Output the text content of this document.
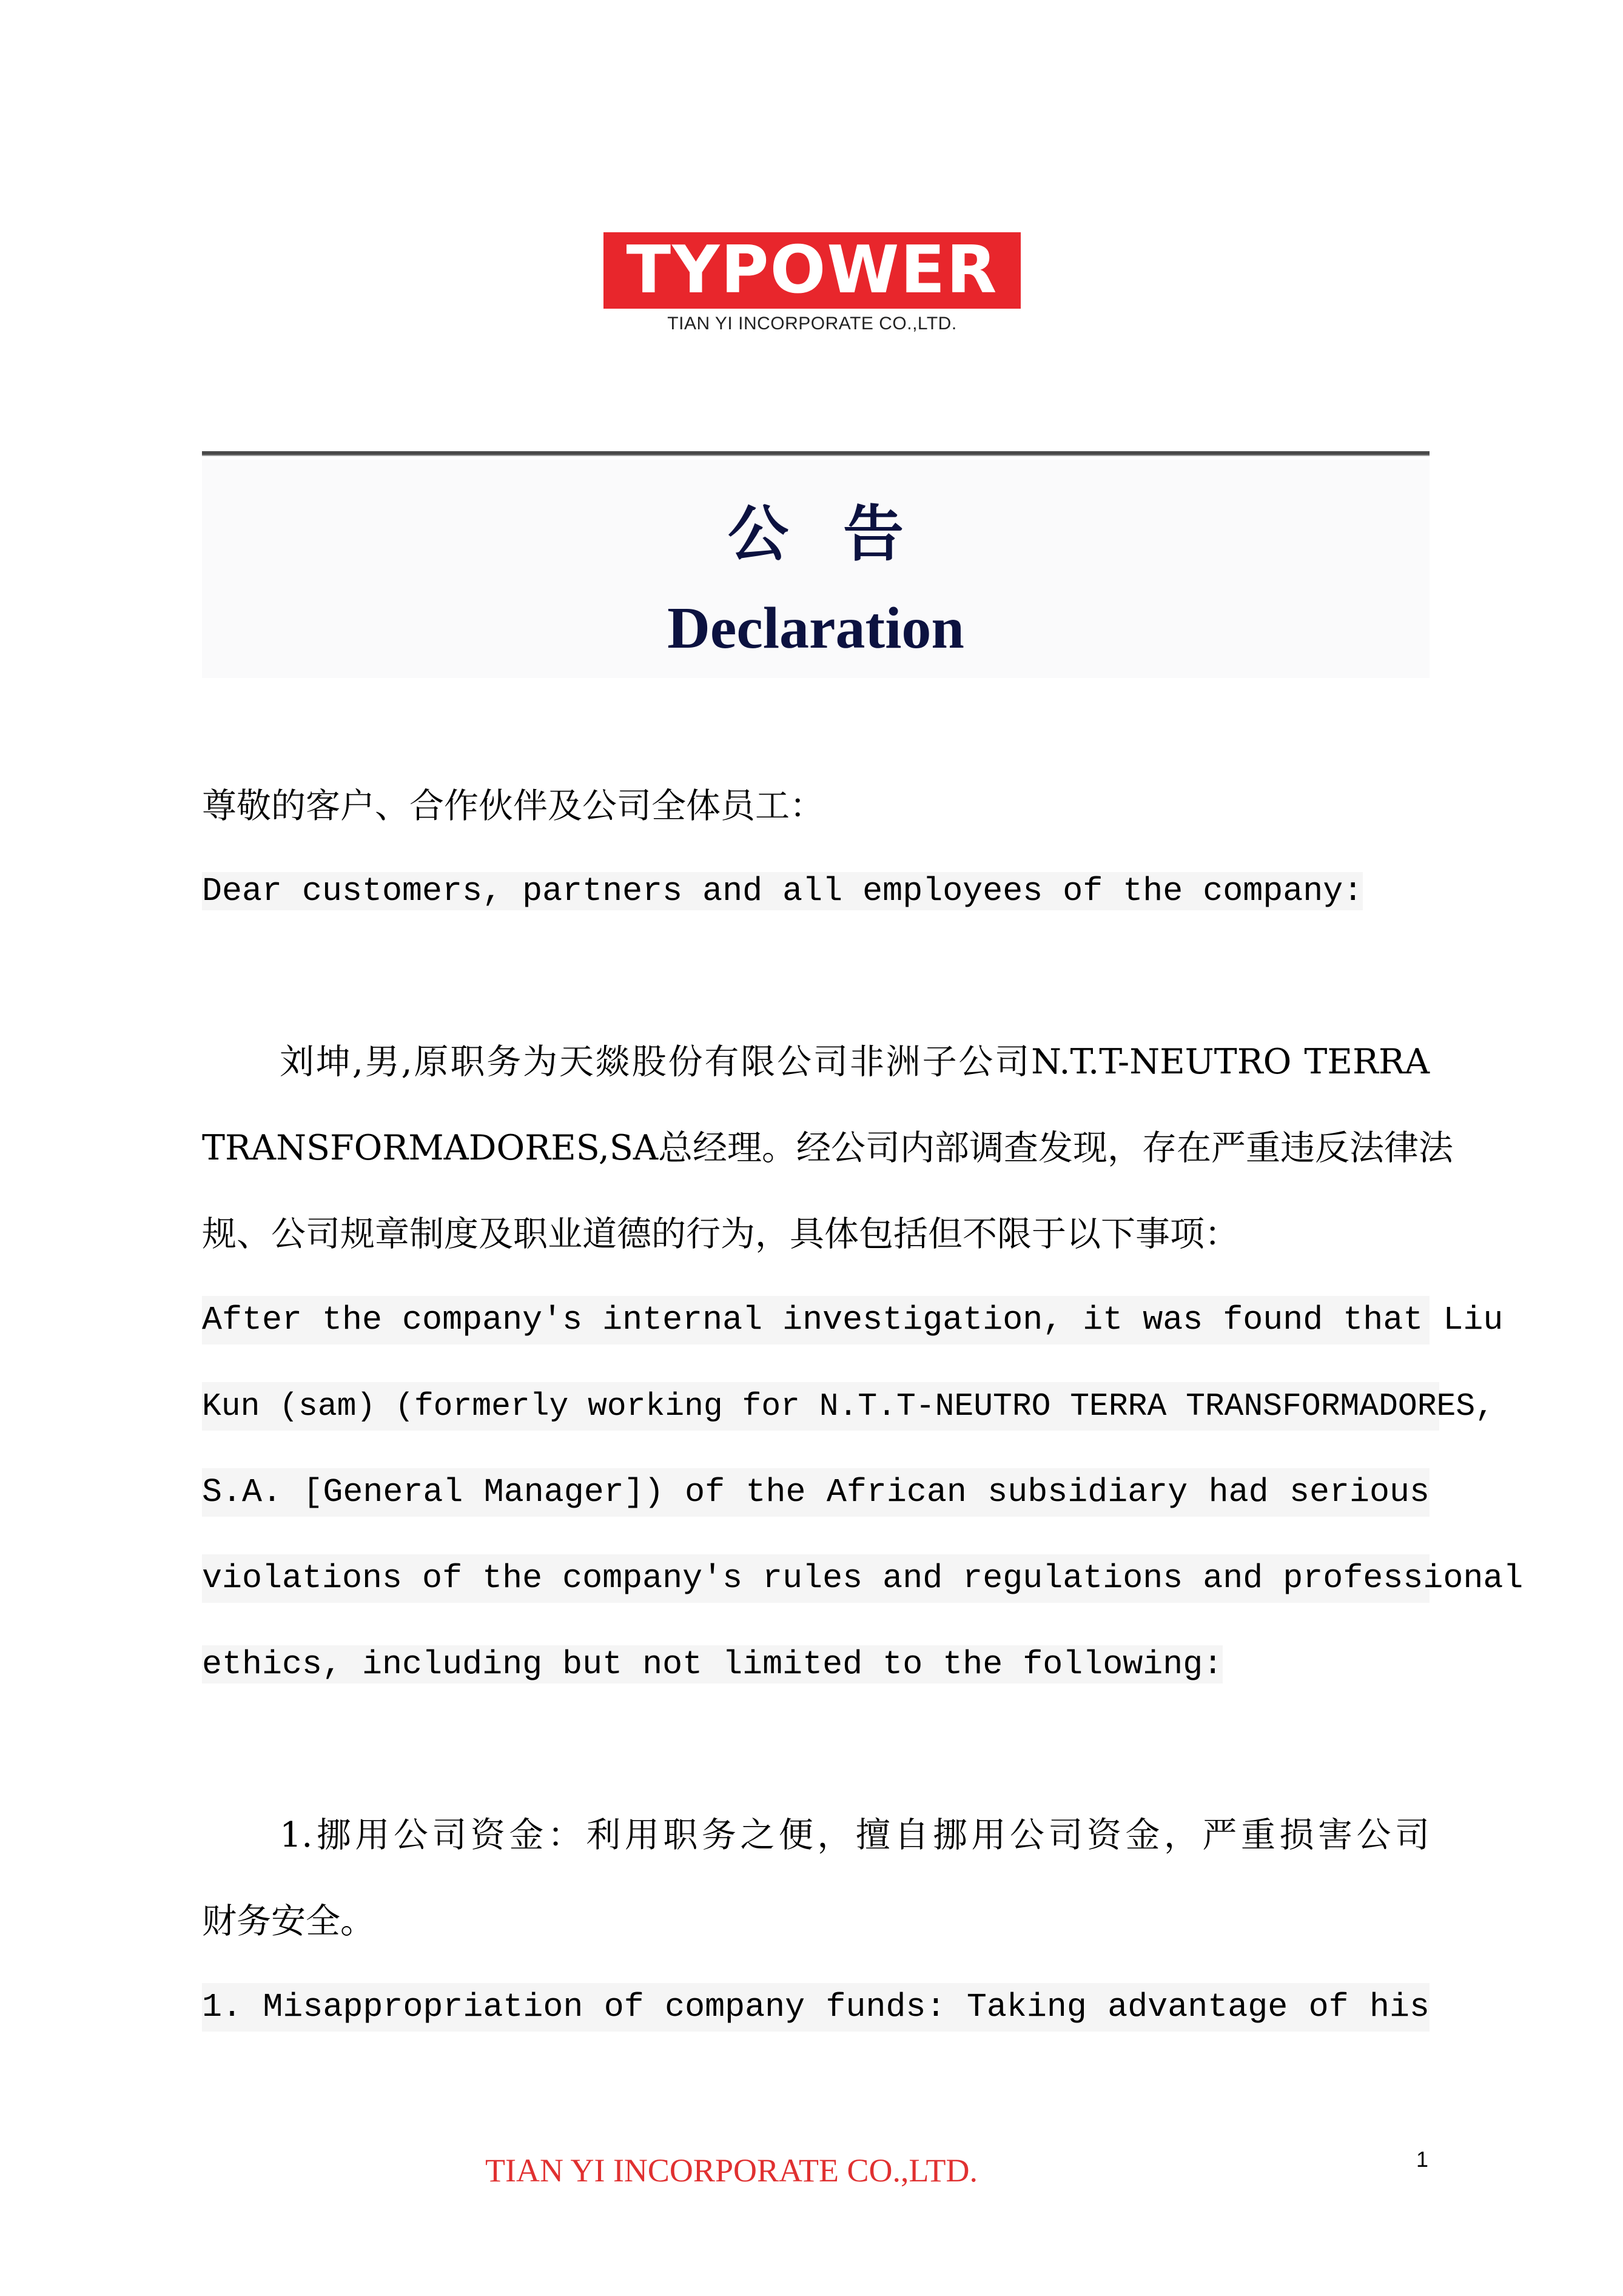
TYPOWER
TIAN YI INCORPORATE CO.,LTD.
公告
Declaration
尊敬的客户、合作伙伴及公司全体员工：
Dear customers, partners and all employees of the company:
刘坤,男,原职务为天燚股份有限公司非洲子公司N.T.T-NEUTRO TERRA
TRANSFORMADORES,SA总经理。经公司内部调查发现，存在严重违反法律法
规、公司规章制度及职业道德的行为，具体包括但不限于以下事项：
After the company's internal investigation, it was found that Liu
Kun (sam) (formerly working for N.T.T-NEUTRO TERRA TRANSFORMADORES,
S.A. [General Manager]) of the African subsidiary had serious
violations of the company's rules and regulations and professional
ethics, including but not limited to the following:
1.挪用公司资金：利用职务之便，擅自挪用公司资金，严重损害公司
财务安全。
1. Misappropriation of company funds: Taking advantage of his
TIAN YI INCORPORATE CO.,LTD.	1
